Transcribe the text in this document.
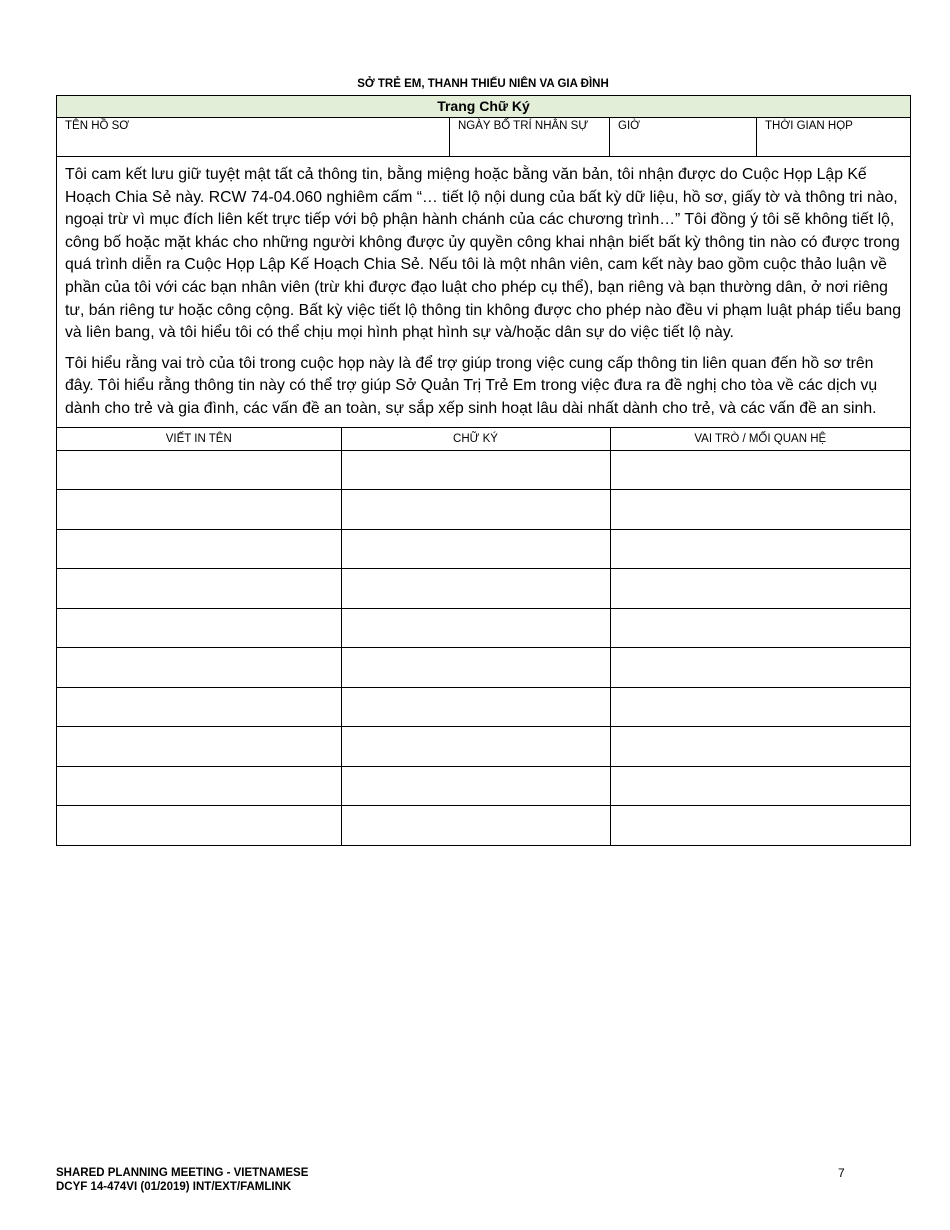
SỞ TRẺ EM, THANH THIẾU NIÊN VA GIA ĐÌNH
Trang Chữ Ký
TÊN HỒ SƠ	NGÀY BỐ TRÍ NHÂN SỰ	GIỜ	THỜI GIAN HỌP

Tôi cam kết lưu giữ tuyệt mật tất cả thông tin, bằng miệng hoặc bằng văn bản, tôi nhận được do Cuộc Họp Lập Kế Hoạch Chia Sẻ này. RCW 74-04.060 nghiêm cấm “… tiết lộ nội dung của bất kỳ dữ liệu, hồ sơ, giấy tờ và thông tri nào, ngoại trừ vì mục đích liên kết trực tiếp với bộ phận hành chánh của các chương trình…” Tôi đồng ý tôi sẽ không tiết lộ, công bố hoặc mặt khác cho những người không được ủy quyền công khai nhận biết bất kỳ thông tin nào có được trong quá trình diễn ra Cuộc Họp Lập Kế Hoạch Chia Sẻ. Nếu tôi là một nhân viên, cam kết này bao gồm cuộc thảo luận về phần của tôi với các bạn nhân viên (trừ khi được đạo luật cho phép cụ thể), bạn riêng và bạn thường dân, ở nơi riêng tư, bán riêng tư hoặc công cộng. Bất kỳ việc tiết lộ thông tin không được cho phép nào đều vi phạm luật pháp tiểu bang và liên bang, và tôi hiểu tôi có thể chịu mọi hình phạt hình sự và/hoặc dân sự do việc tiết lộ này.

Tôi hiểu rằng vai trò của tôi trong cuộc họp này là để trợ giúp trong việc cung cấp thông tin liên quan đến hồ sơ trên đây. Tôi hiểu rằng thông tin này có thể trợ giúp Sở Quản Trị Trẻ Em trong việc đưa ra đề nghị cho tòa về các dịch vụ dành cho trẻ và gia đình, các vấn đề an toàn, sự sắp xếp sinh hoạt lâu dài nhất dành cho trẻ, và các vấn đề an sinh.

VIẾT IN TÊN	CHỮ KÝ	VAI TRÒ / MỐI QUAN HỆ

SHARED PLANNING MEETING - VIETNAMESE
DCYF 14-474VI (01/2019) INT/EXT/FAMLINK
7
